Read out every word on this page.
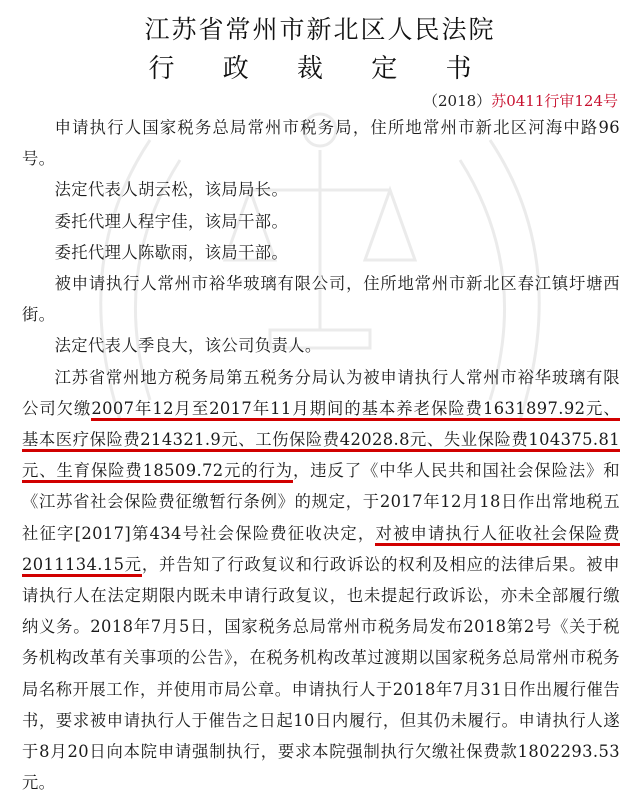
江苏省常州市新北区人民法院
行 政 裁 定 书
（2018）苏0411行审124号

申请执行人国家税务总局常州市税务局，住所地常州市新北区河海中路96号。

法定代表人胡云松，该局局长。

委托代理人程宇佳，该局干部。

委托代理人陈歇雨，该局干部。

被申请执行人常州市裕华玻璃有限公司，住所地常州市新北区春江镇圩塘西街。

法定代表人季良大，该公司负责人。

江苏省常州地方税务局第五税务分局认为被申请执行人常州市裕华玻璃有限公司欠缴2007年12月至2017年11月期间的基本养老保险费1631897.92元、基本医疗保险费214321.9元、工伤保险费42028.8元、失业保险费104375.81元、生育保险费18509.72元的行为，违反了《中华人民共和国社会保险法》和《江苏省社会保险费征缴暂行条例》的规定，于2017年12月18日作出常地税五社征字[2017]第434号社会保险费征收决定，对被申请执行人征收社会保险费2011134.15元，并告知了行政复议和行政诉讼的权利及相应的法律后果。被申请执行人在法定期限内既未申请行政复议，也未提起行政诉讼，亦未全部履行缴纳义务。2018年7月5日，国家税务总局常州市税务局发布2018第2号《关于税务机构改革有关事项的公告》，在税务机构改革过渡期以国家税务总局常州市税务局名称开展工作，并使用市局公章。申请执行人于2018年7月31日作出履行催告书，要求被申请执行人于催告之日起10日内履行，但其仍未履行。申请执行人遂于8月20日向本院申请强制执行，要求本院强制执行欠缴社保费款1802293.53元。
